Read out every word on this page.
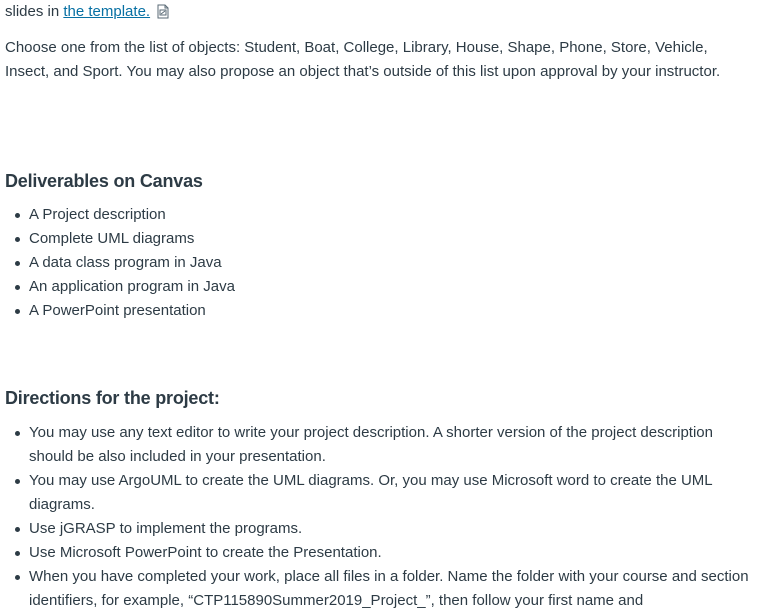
slides in the template.

Choose one from the list of objects: Student, Boat, College, Library, House, Shape, Phone, Store, Vehicle, Insect, and Sport. You may also propose an object that’s outside of this list upon approval by your instructor.

Deliverables on Canvas
A Project description
Complete UML diagrams
A data class program in Java
An application program in Java
A PowerPoint presentation
Directions for the project:
You may use any text editor to write your project description. A shorter version of the project description should be also included in your presentation.
You may use ArgoUML to create the UML diagrams. Or, you may use Microsoft word to create the UML diagrams.
Use jGRASP to implement the programs.
Use Microsoft PowerPoint to create the Presentation.
When you have completed your work, place all files in a folder. Name the folder with your course and section identifiers, for example, “CTP115890Summer2019_Project_”, then follow your first name and
